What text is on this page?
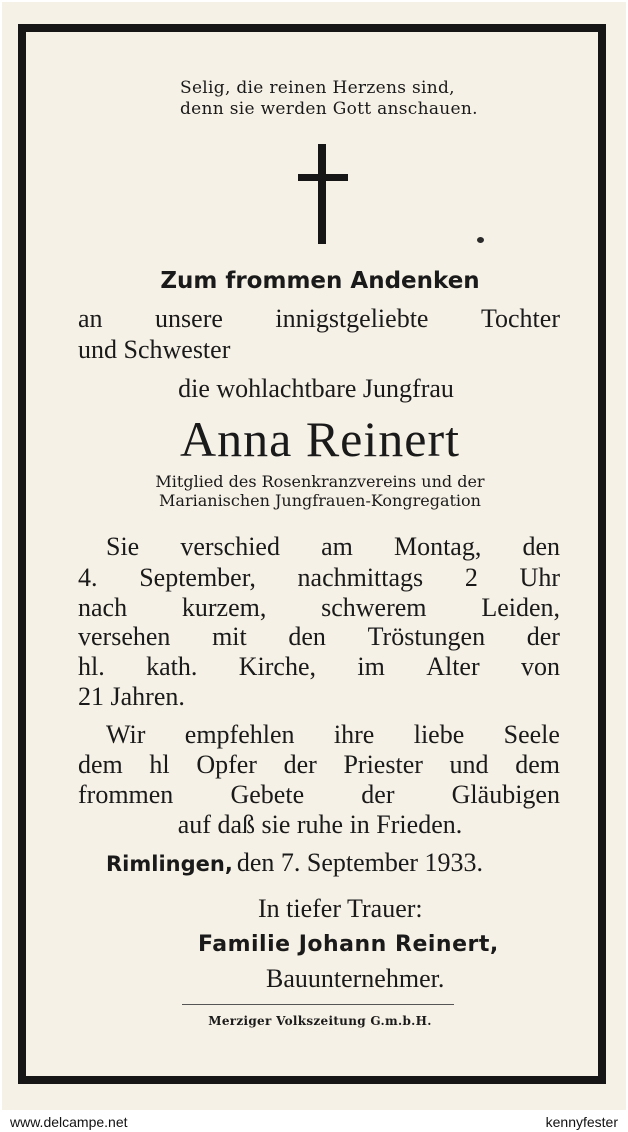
Selig, die reinen Herzens sind,
denn sie werden Gott anschauen.
Zum frommen Andenken
an unsere innigstgeliebte Tochter
und Schwester
die wohlachtbare Jungfrau
Anna Reinert
Mitglied des Rosenkranzvereins und der
Marianischen Jungfrauen-Kongregation
Sie verschied am Montag, den
4. September, nachmittags 2 Uhr
nach kurzem, schwerem Leiden,
versehen mit den Tröstungen der
hl. kath. Kirche, im Alter von
21 Jahren.
Wir empfehlen ihre liebe Seele
dem hl Opfer der Priester und dem
frommen Gebete der Gläubigen
auf daß sie ruhe in Frieden.
Rimlingen, den 7. September 1933.
In tiefer Trauer:
Familie Johann Reinert,
Bauunternehmer.
Merziger Volkszeitung G.m.b.H.
www.delcampe.net	kennyfester
